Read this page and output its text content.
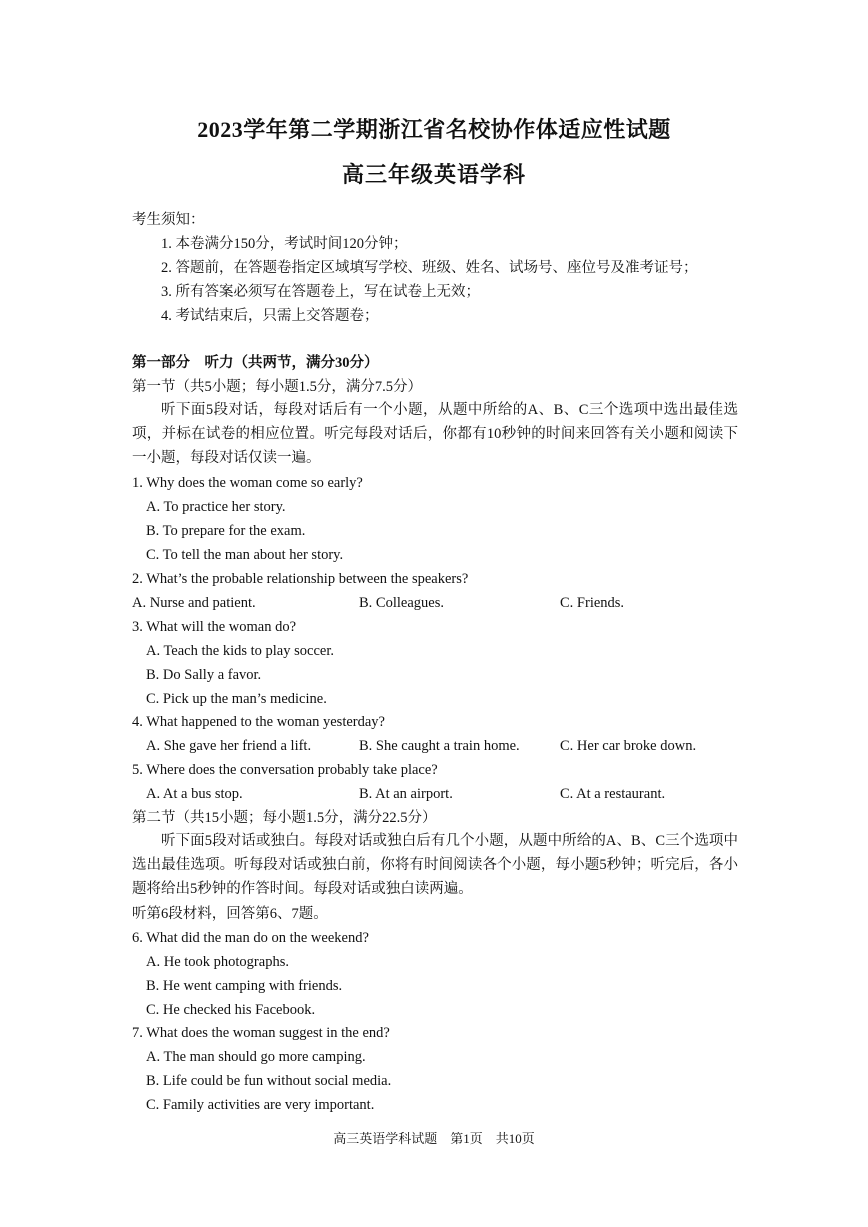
2023学年第二学期浙江省名校协作体适应性试题
高三年级英语学科
考生须知：
1. 本卷满分150分，考试时间120分钟；
2. 答题前，在答题卷指定区域填写学校、班级、姓名、试场号、座位号及准考证号；
3. 所有答案必须写在答题卷上，写在试卷上无效；
4. 考试结束后，只需上交答题卷；
第一部分　听力（共两节，满分30分）
第一节（共5小题；每小题1.5分，满分7.5分）
听下面5段对话，每段对话后有一个小题，从题中所给的A、B、C三个选项中选出最佳选项，并标在试卷的相应位置。听完每段对话后，你都有10秒钟的时间来回答有关小题和阅读下一小题，每段对话仅读一遍。
1. Why does the woman come so early?
A. To practice her story.
B. To prepare for the exam.
C. To tell the man about her story.
2. What’s the probable relationship between the speakers?
A. Nurse and patient.	B. Colleagues.	C. Friends.
3. What will the woman do?
A. Teach the kids to play soccer.
B. Do Sally a favor.
C. Pick up the man’s medicine.
4. What happened to the woman yesterday?
A. She gave her friend a lift.	B. She caught a train home.	C. Her car broke down.
5. Where does the conversation probably take place?
A. At a bus stop.	B. At an airport.	C. At a restaurant.
第二节（共15小题；每小题1.5分，满分22.5分）
听下面5段对话或独白。每段对话或独白后有几个小题，从题中所给的A、B、C三个选项中选出最佳选项。听每段对话或独白前，你将有时间阅读各个小题，每小题5秒钟；听完后，各小题将给出5秒钟的作答时间。每段对话或独白读两遍。
听第6段材料，回答第6、7题。
6. What did the man do on the weekend?
A. He took photographs.
B. He went camping with friends.
C. He checked his Facebook.
7. What does the woman suggest in the end?
A. The man should go more camping.
B. Life could be fun without social media.
C. Family activities are very important.
高三英语学科试题　第1页　共10页
